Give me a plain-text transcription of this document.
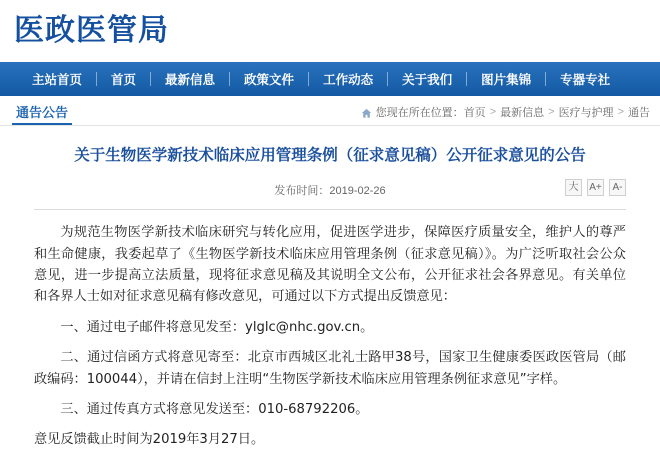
医政医管局
主站首页	首页	最新信息	政策文件	工作动态	关于我们	图片集锦	专器专社
通告公告	您现在所在位置： 首页 > 最新信息 > 医疗与护理 > 通告
关于生物医学新技术临床应用管理条例（征求意见稿）公开征求意见的公告
发布时间：2019-02-26	大	A+	A-

为规范生物医学新技术临床研究与转化应用，促进医学进步，保障医疗质量安全，维护人的尊严和生命健康，我委起草了《生物医学新技术临床应用管理条例（征求意见稿）》。为广泛听取社会公众意见，进一步提高立法质量，现将征求意见稿及其说明全文公布，公开征求社会各界意见。有关单位和各界人士如对征求意见稿有修改意见，可通过以下方式提出反馈意见：

一、通过电子邮件将意见发至：ylglc@nhc.gov.cn。

二、通过信函方式将意见寄至：北京市西城区北礼士路甲38号，国家卫生健康委医政医管局（邮政编码：100044），并请在信封上注明“生物医学新技术临床应用管理条例征求意见”字样。

三、通过传真方式将意见发送至：010-68792206。

意见反馈截止时间为2019年3月27日。
